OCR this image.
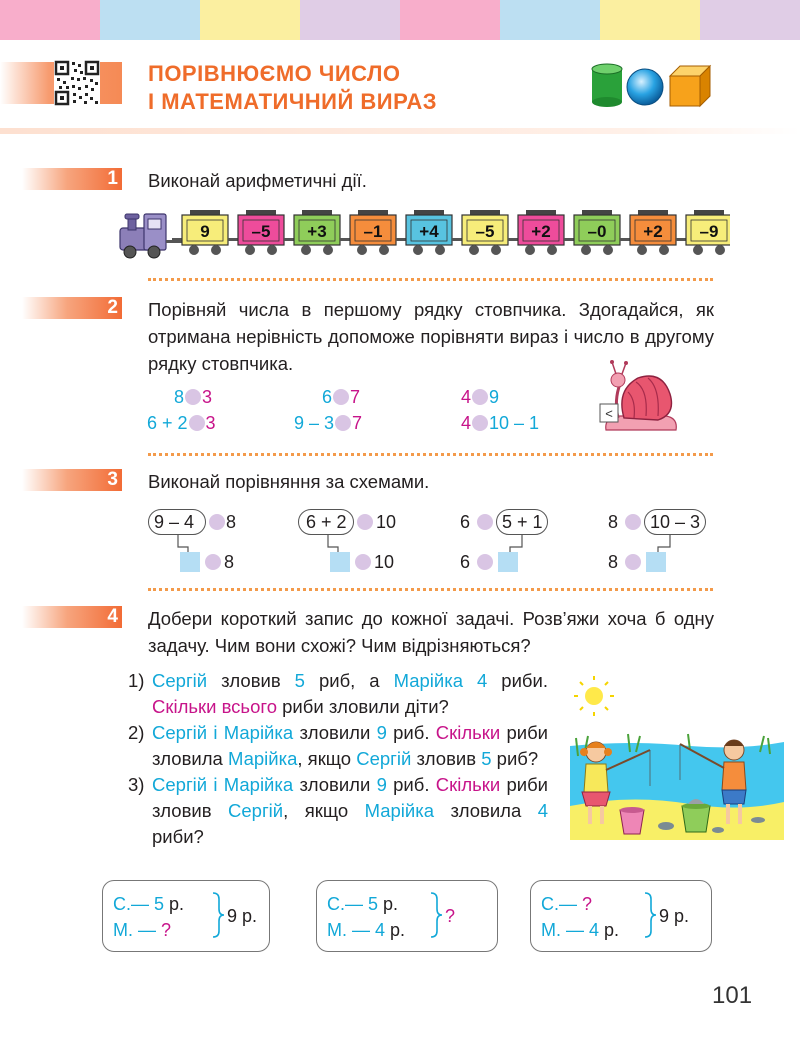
ПОРІВНЮЄМО ЧИСЛО
І МАТЕМАТИЧНИЙ ВИРАЗ
1 Виконай арифметичні дії.
9 –5 +3 –1 +4 –5 +2 –0 +2 –9
2 Порівняй числа в першому рядку стовпчика. Здогадайся, як отримана нерівність допоможе порівняти вираз і число в другому рядку стовпчика.
8 3
6 + 2 3
6 7
9 – 3 7
4 9
4 10 – 1	<
3 Виконай порівняння за схемами.
9 – 4 8
8
6 + 2 10
10
6 5 + 1
6
8 10 – 3
8
4 Добери короткий запис до кожної задачі. Розв’яжи хоча б одну задачу. Чим вони схожі? Чим відрізняються?
1) Сергій зловив 5 риб, а Марійка 4 риби. Скільки всього риби зловили діти?
2) Сергій і Марійка зловили 9 риб. Скільки риби зловила Марійка, якщо Сергій зловив 5 риб?
3) Сергій і Марійка зловили 9 риб. Скільки риби зловив Сергій, якщо Марійка зловила 4 риби?
С.— 5 р.
М. — ?
9 р.
С.— 5 р.
М. — 4 р.
?
С.— ?
М. — 4 р.
9 р.
101
